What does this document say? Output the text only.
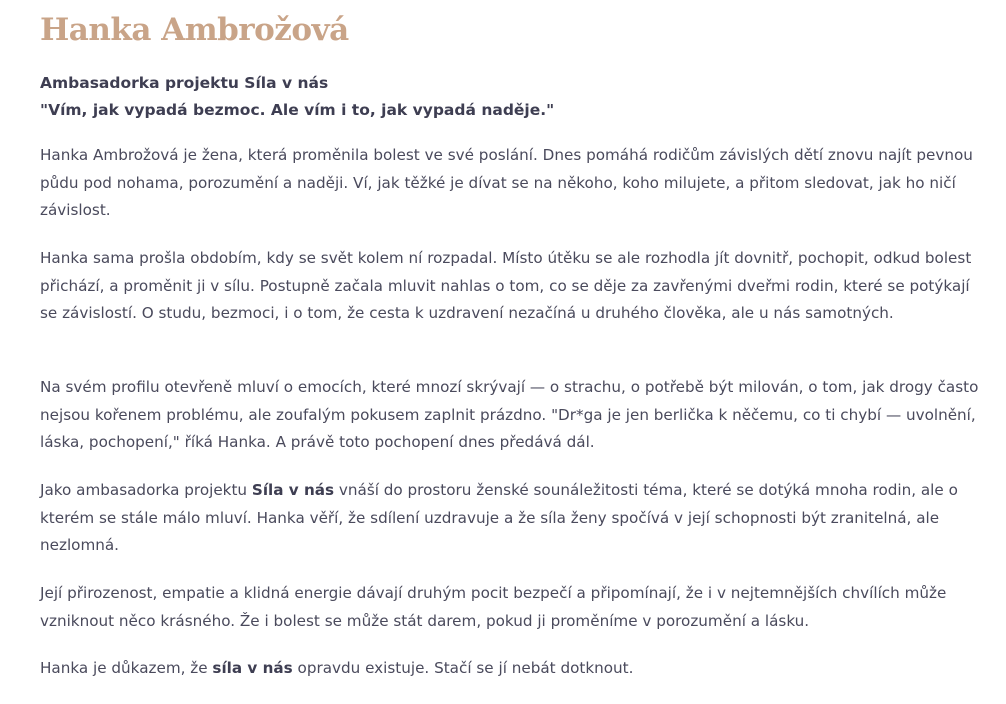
Hanka Ambrožová
Ambasadorka projektu Síla v nás
"Vím, jak vypadá bezmoc. Ale vím i to, jak vypadá naděje."

Hanka Ambrožová je žena, která proměnila bolest ve své poslání. Dnes pomáhá rodičům závislých dětí znovu najít pevnou půdu pod nohama, porozumění a naději. Ví, jak těžké je dívat se na někoho, koho milujete, a přitom sledovat, jak ho ničí závislost.

Hanka sama prošla obdobím, kdy se svět kolem ní rozpadal. Místo útěku se ale rozhodla jít dovnitř, pochopit, odkud bolest přichází, a proměnit ji v sílu. Postupně začala mluvit nahlas o tom, co se děje za zavřenými dveřmi rodin, které se potýkají se závislostí. O studu, bezmoci, i o tom, že cesta k uzdravení nezačíná u druhého člověka, ale u nás samotných.

Na svém profilu otevřeně mluví o emocích, které mnozí skrývají — o strachu, o potřebě být milován, o tom, jak drogy často nejsou kořenem problému, ale zoufalým pokusem zaplnit prázdno. "Dr*ga je jen berlička k něčemu, co ti chybí — uvolnění, láska, pochopení," říká Hanka. A právě toto pochopení dnes předává dál.

Jako ambasadorka projektu Síla v nás vnáší do prostoru ženské sounáležitosti téma, které se dotýká mnoha rodin, ale o kterém se stále málo mluví. Hanka věří, že sdílení uzdravuje a že síla ženy spočívá v její schopnosti být zranitelná, ale nezlomná.

Její přirozenost, empatie a klidná energie dávají druhým pocit bezpečí a připomínají, že i v nejtemnějších chvílích může vzniknout něco krásného. Že i bolest se může stát darem, pokud ji proměníme v porozumění a lásku.

Hanka je důkazem, že síla v nás opravdu existuje. Stačí se jí nebát dotknout.
